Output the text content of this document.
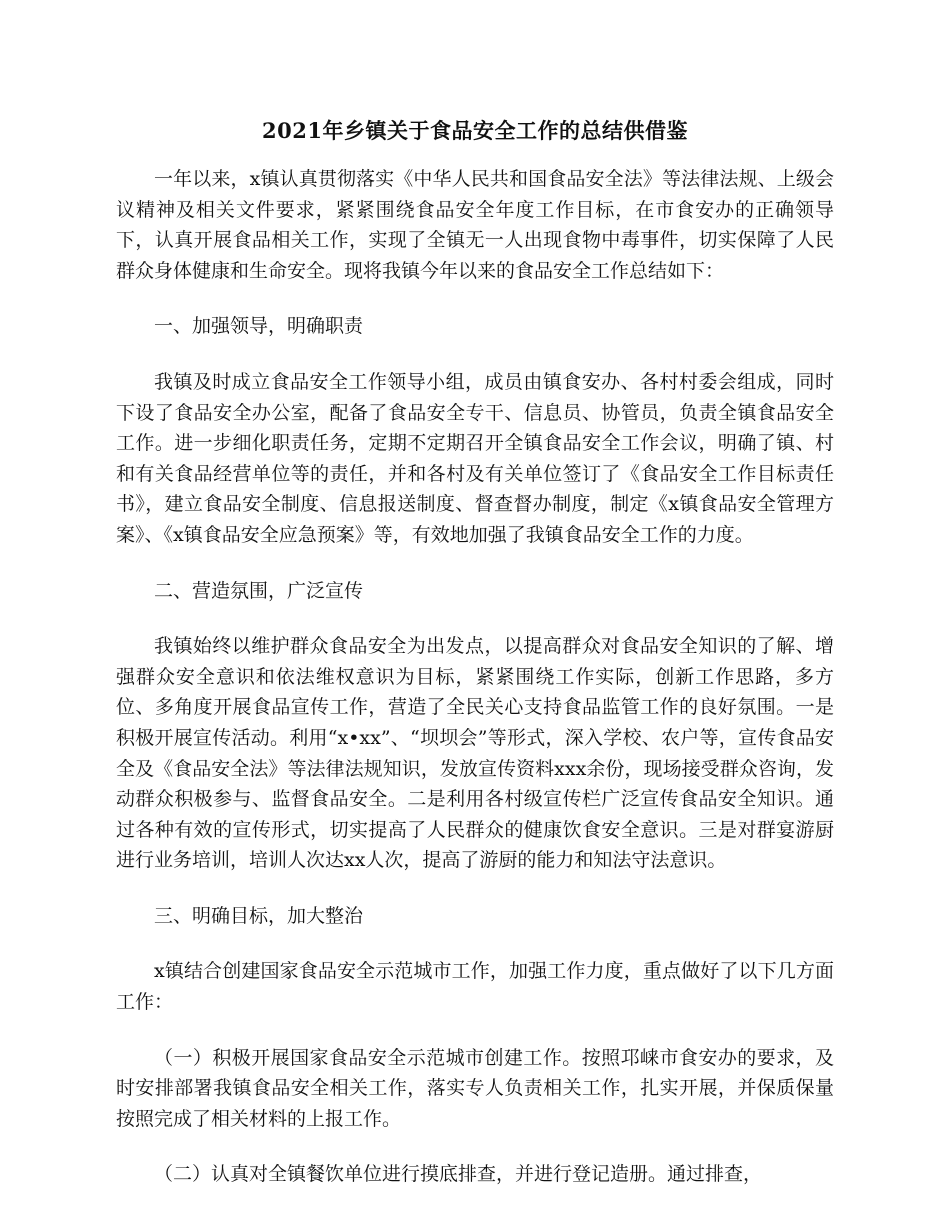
2021年乡镇关于食品安全工作的总结供借鉴

一年以来，x镇认真贯彻落实《中华人民共和国食品安全法》等法律法规、上级会议精神及相关文件要求，紧紧围绕食品安全年度工作目标，在市食安办的正确领导下，认真开展食品相关工作，实现了全镇无一人出现食物中毒事件，切实保障了人民群众身体健康和生命安全。现将我镇今年以来的食品安全工作总结如下：

一、加强领导，明确职责

我镇及时成立食品安全工作领导小组，成员由镇食安办、各村村委会组成，同时下设了食品安全办公室，配备了食品安全专干、信息员、协管员，负责全镇食品安全工作。进一步细化职责任务，定期不定期召开全镇食品安全工作会议，明确了镇、村和有关食品经营单位等的责任，并和各村及有关单位签订了《食品安全工作目标责任书》，建立食品安全制度、信息报送制度、督查督办制度，制定《x镇食品安全管理方案》、《x镇食品安全应急预案》等，有效地加强了我镇食品安全工作的力度。

二、营造氛围，广泛宣传

我镇始终以维护群众食品安全为出发点，以提高群众对食品安全知识的了解、增强群众安全意识和依法维权意识为目标，紧紧围绕工作实际，创新工作思路，多方位、多角度开展食品宣传工作，营造了全民关心支持食品监管工作的良好氛围。一是积极开展宣传活动。利用“x•xx”、“坝坝会”等形式，深入学校、农户等，宣传食品安全及《食品安全法》等法律法规知识，发放宣传资料xxx余份，现场接受群众咨询，发动群众积极参与、监督食品安全。二是利用各村级宣传栏广泛宣传食品安全知识。通过各种有效的宣传形式，切实提高了人民群众的健康饮食安全意识。三是对群宴游厨进行业务培训，培训人次达xx人次，提高了游厨的能力和知法守法意识。

三、明确目标，加大整治

x镇结合创建国家食品安全示范城市工作，加强工作力度，重点做好了以下几方面工作：

（一）积极开展国家食品安全示范城市创建工作。按照邛崃市食安办的要求，及时安排部署我镇食品安全相关工作，落实专人负责相关工作，扎实开展，并保质保量按照完成了相关材料的上报工作。

（二）认真对全镇餐饮单位进行摸底排查，并进行登记造册。通过排查，
